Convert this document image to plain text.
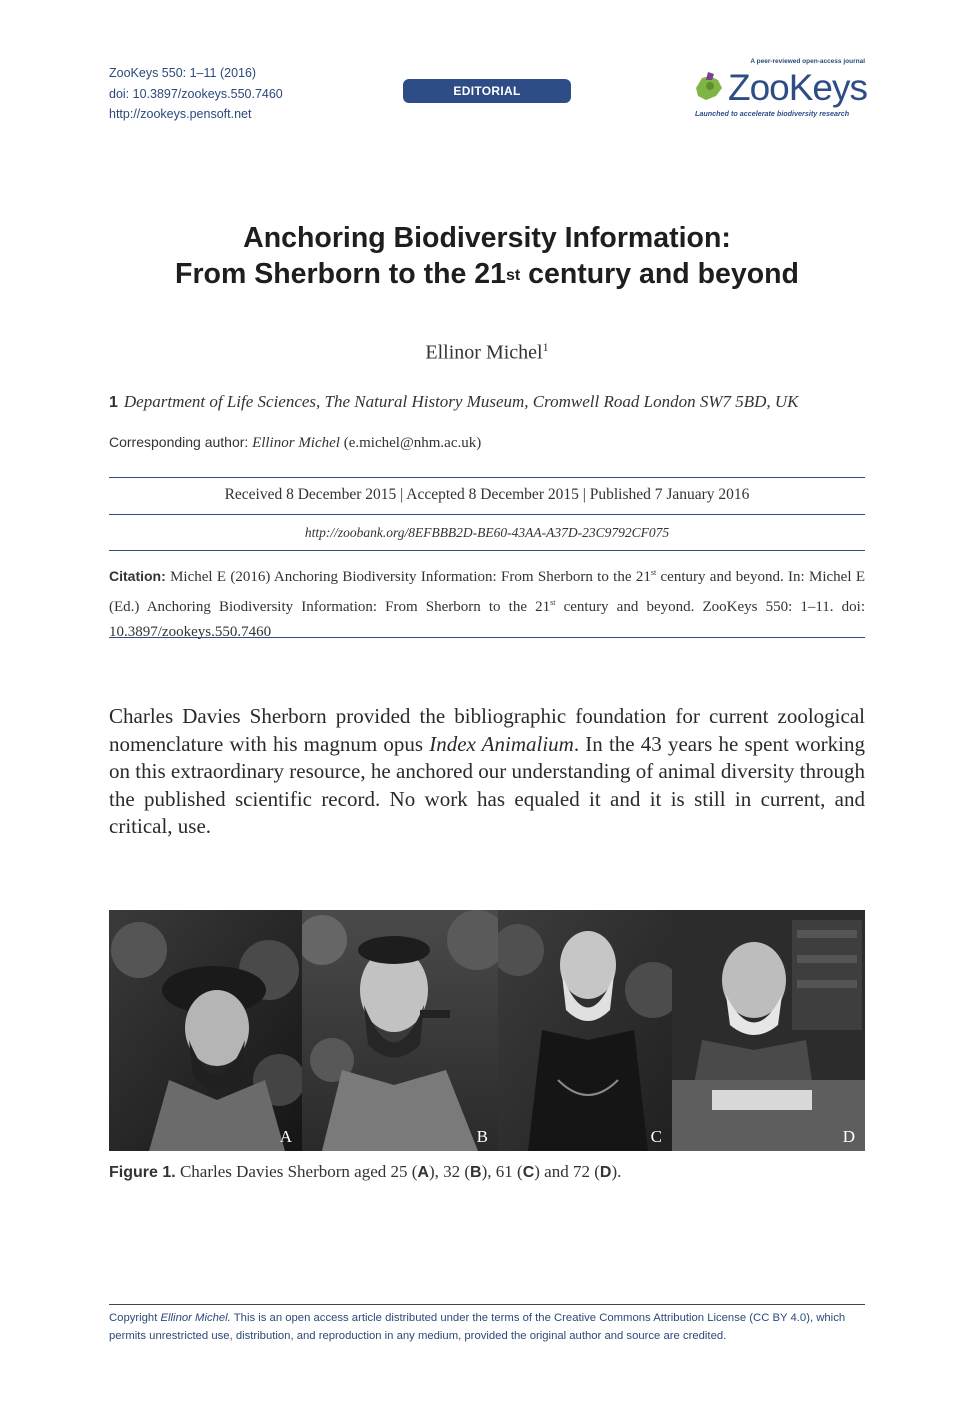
ZooKeys 550: 1–11 (2016)
doi: 10.3897/zookeys.550.7460
http://zookeys.pensoft.net
EDITORIAL
A peer-reviewed open-access journal
ZooKeys
Launched to accelerate biodiversity research
Anchoring Biodiversity Information:
From Sherborn to the 21st century and beyond
Ellinor Michel$^1$
1 Department of Life Sciences, The Natural History Museum, Cromwell Road London SW7 5BD, UK
Corresponding author: Ellinor Michel (e.michel@nhm.ac.uk)
Received 8 December 2015 | Accepted 8 December 2015 | Published 7 January 2016
http://zoobank.org/8EFBBB2D-BE60-43AA-A37D-23C9792CF075
Citation: Michel E (2016) Anchoring Biodiversity Information: From Sherborn to the 21st century and beyond. In: Michel E (Ed.) Anchoring Biodiversity Information: From Sherborn to the 21st century and beyond. ZooKeys 550: 1–11. doi: 10.3897/zookeys.550.7460
Charles Davies Sherborn provided the bibliographic foundation for current zoological nomenclature with his magnum opus Index Animalium. In the 43 years he spent working on this extraordinary resource, he anchored our understanding of animal diversity through the published scientific record. No work has equaled it and it is still in current, and critical, use.
A	B	C	D
Figure 1. Charles Davies Sherborn aged 25 (A), 32 (B), 61 (C) and 72 (D).
Copyright Ellinor Michel. This is an open access article distributed under the terms of the Creative Commons Attribution License (CC BY 4.0), which permits unrestricted use, distribution, and reproduction in any medium, provided the original author and source are credited.
